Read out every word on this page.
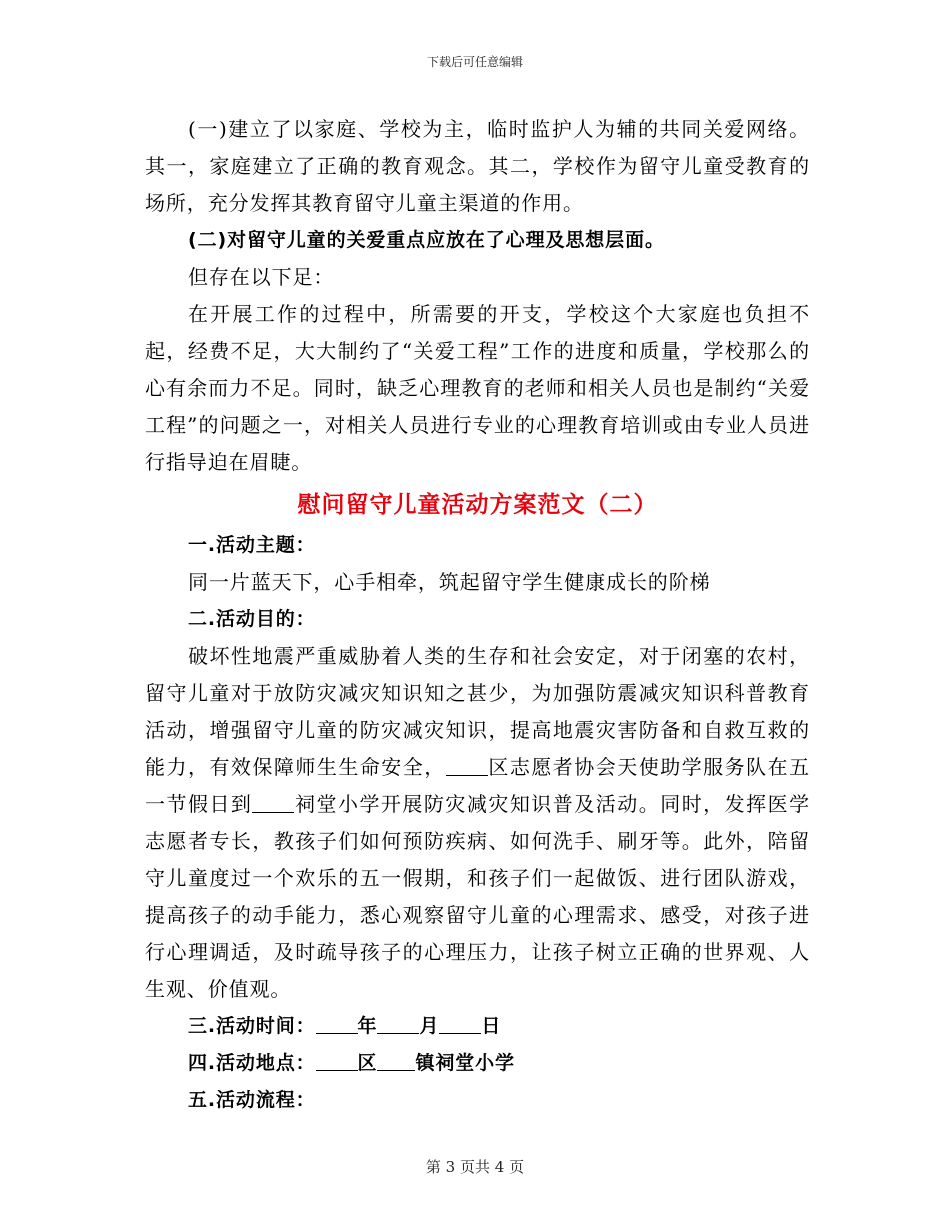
下载后可任意编辑

(一)建立了以家庭、学校为主，临时监护人为辅的共同关爱网络。其一，家庭建立了正确的教育观念。其二，学校作为留守儿童受教育的场所，充分发挥其教育留守儿童主渠道的作用。

(二)对留守儿童的关爱重点应放在了心理及思想层面。

但存在以下足：

在开展工作的过程中，所需要的开支，学校这个大家庭也负担不起，经费不足，大大制约了“关爱工程”工作的进度和质量，学校那么的心有余而力不足。同时，缺乏心理教育的老师和相关人员也是制约“关爱工程”的问题之一，对相关人员进行专业的心理教育培训或由专业人员进行指导迫在眉睫。

慰问留守儿童活动方案范文（二）

一.活动主题：

同一片蓝天下，心手相牵，筑起留守学生健康成长的阶梯

二.活动目的：

破坏性地震严重威胁着人类的生存和社会安定，对于闭塞的农村，留守儿童对于放防灾减灾知识知之甚少，为加强防震减灾知识科普教育活动，增强留守儿童的防灾减灾知识，提高地震灾害防备和自救互救的能力，有效保障师生生命安全， 区志愿者协会天使助学服务队在五一节假日到 祠堂小学开展防灾减灾知识普及活动。同时，发挥医学志愿者专长，教孩子们如何预防疾病、如何洗手、刷牙等。此外，陪留守儿童度过一个欢乐的五一假期，和孩子们一起做饭、进行团队游戏，提高孩子的动手能力，悉心观察留守儿童的心理需求、感受，对孩子进行心理调适，及时疏导孩子的心理压力，让孩子树立正确的世界观、人生观、价值观。

三.活动时间： 年 月 日

四.活动地点： 区 镇祠堂小学

五.活动流程：

第 3 页共 4 页
